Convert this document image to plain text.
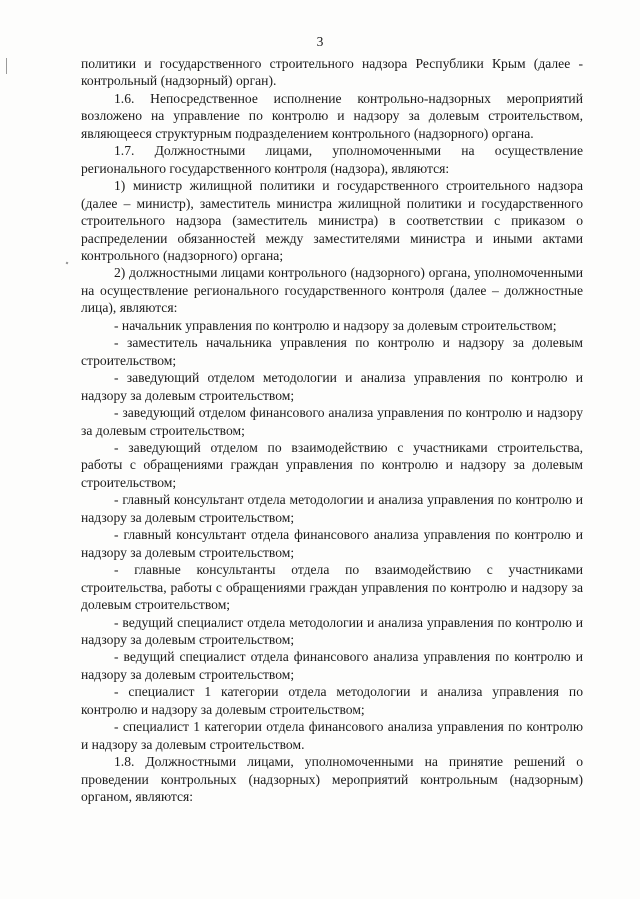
3

политики и государственного строительного надзора Республики Крым (далее - контрольный (надзорный) орган).

1.6. Непосредственное исполнение контрольно-надзорных мероприятий возложено на управление по контролю и надзору за долевым строительством, являющееся структурным подразделением контрольного (надзорного) органа.

1.7. Должностными лицами, уполномоченными на осуществление регионального государственного контроля (надзора), являются:

1) министр жилищной политики и государственного строительного надзора (далее – министр), заместитель министра жилищной политики и государственного строительного надзора (заместитель министра) в соответствии с приказом о распределении обязанностей между заместителями министра и иными актами контрольного (надзорного) органа;

2) должностными лицами контрольного (надзорного) органа, уполномоченными на осуществление регионального государственного контроля (далее – должностные лица), являются:

- начальник управления по контролю и надзору за долевым строительством;

- заместитель начальника управления по контролю и надзору за долевым строительством;

- заведующий отделом методологии и анализа управления по контролю и надзору за долевым строительством;

- заведующий отделом финансового анализа управления по контролю и надзору за долевым строительством;

- заведующий отделом по взаимодействию с участниками строительства, работы с обращениями граждан управления по контролю и надзору за долевым строительством;

- главный консультант отдела методологии и анализа управления по контролю и надзору за долевым строительством;

- главный консультант отдела финансового анализа управления по контролю и надзору за долевым строительством;

- главные консультанты отдела по взаимодействию с участниками строительства, работы с обращениями граждан управления по контролю и надзору за долевым строительством;

- ведущий специалист отдела методологии и анализа управления по контролю и надзору за долевым строительством;

- ведущий специалист отдела финансового анализа управления по контролю и надзору за долевым строительством;

- специалист 1 категории отдела методологии и анализа управления по контролю и надзору за долевым строительством;

- специалист 1 категории отдела финансового анализа управления по контролю и надзору за долевым строительством.

1.8. Должностными лицами, уполномоченными на принятие решений о проведении контрольных (надзорных) мероприятий контрольным (надзорным) органом, являются:
